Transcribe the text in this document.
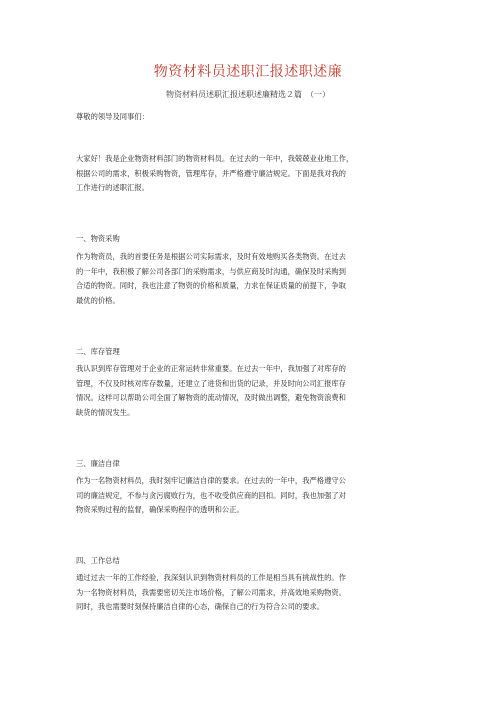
物资材料员述职汇报述职述廉
物资材料员述职汇报述职述廉精选２篇　（一）
尊敬的领导及同事们：
大家好！我是企业物资材料部门的物资材料员。在过去的一年中，我兢兢业业地工作，
根据公司的需求，积极采购物资，管理库存，并严格遵守廉洁规定。下面是我对我的
工作进行的述职汇报。
一、物资采购
作为物资员，我的首要任务是根据公司实际需求，及时有效地购买各类物资。在过去
的一年中，我积极了解公司各部门的采购需求，与供应商及时沟通，确保及时采购到
合适的物资。同时，我也注意了物资的价格和质量，力求在保证质量的前提下，争取
最优的价格。
二、库存管理
我认识到库存管理对于企业的正常运转非常重要。在过去一年中，我加强了对库存的
管理，不仅及时核对库存数量，还建立了进货和出货的记录，并及时向公司汇报库存
情况。这样可以帮助公司全面了解物资的流动情况，及时做出调整，避免物资浪费和
缺货的情况发生。
三、廉洁自律
作为一名物资材料员，我时刻牢记廉洁自律的要求。在过去的一年中，我严格遵守公
司的廉洁规定，不参与贪污腐败行为，也不收受供应商的回扣。同时，我也加强了对
物资采购过程的监督，确保采购程序的透明和公正。
四、工作总结
通过过去一年的工作经验，我深刻认识到物资材料员的工作是相当具有挑战性的。作
为一名物资材料员，我需要密切关注市场价格，了解公司需求，并高效地采购物资。
同时，我也需要时刻保持廉洁自律的心态，确保自己的行为符合公司的要求。
